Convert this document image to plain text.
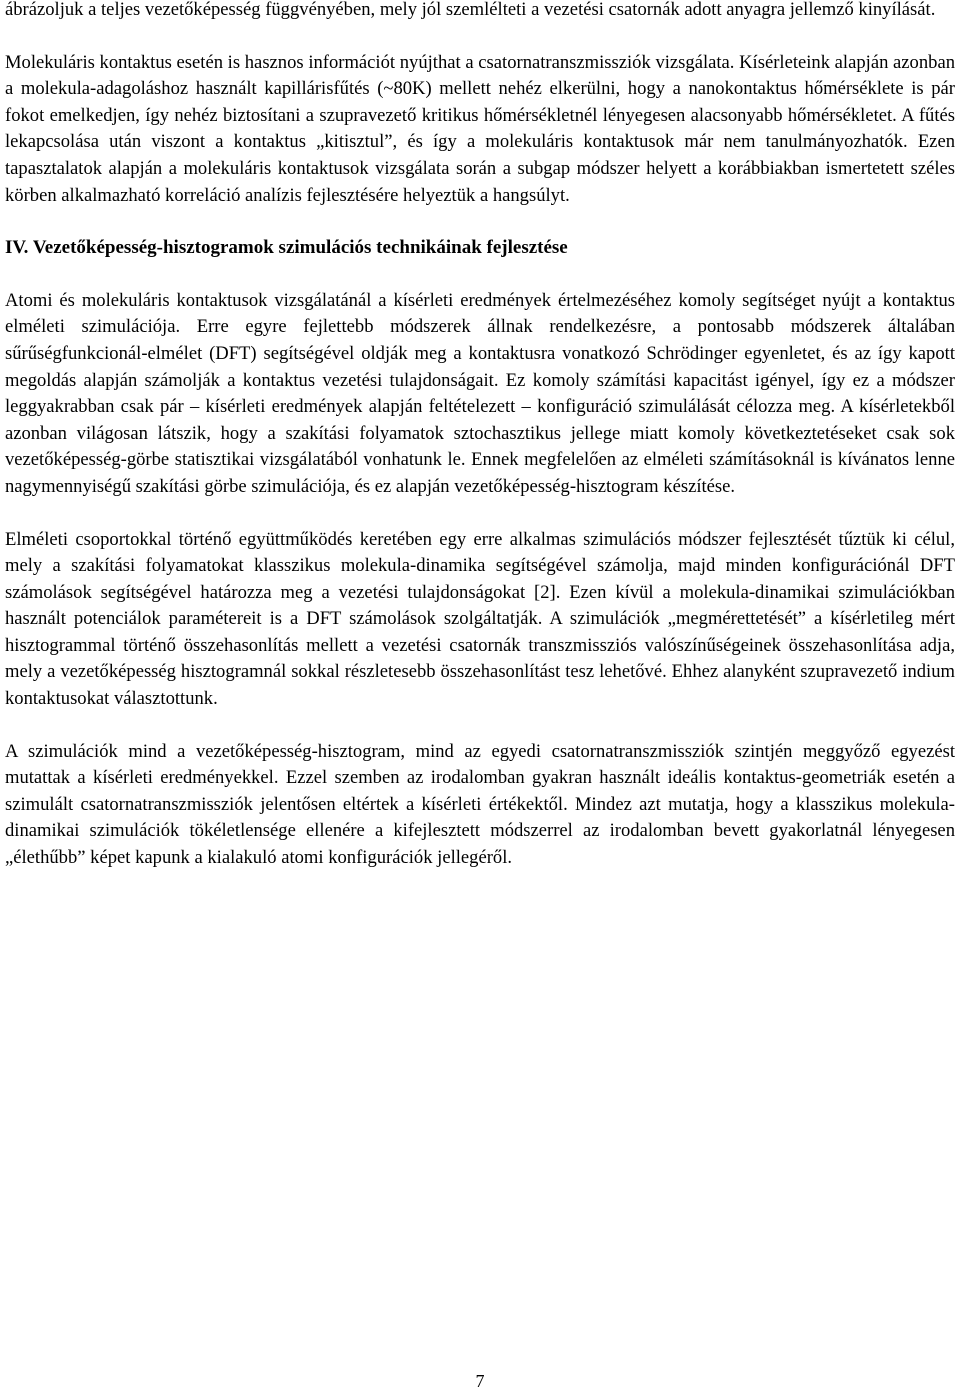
ábrázoljuk a teljes vezetőképesség függvényében, mely jól szemlélteti a vezetési csatornák adott anyagra jellemző kinyílását.

Molekuláris kontaktus esetén is hasznos információt nyújthat a csatornatranszmissziók vizsgálata. Kísérleteink alapján azonban a molekula-adagoláshoz használt kapillárisfűtés (~80K) mellett nehéz elkerülni, hogy a nanokontaktus hőmérséklete is pár fokot emelkedjen, így nehéz biztosítani a szupravezető kritikus hőmérsékletnél lényegesen alacsonyabb hőmérsékletet. A fűtés lekapcsolása után viszont a kontaktus „kitisztul”, és így a molekuláris kontaktusok már nem tanulmányozhatók. Ezen tapasztalatok alapján a molekuláris kontaktusok vizsgálata során a subgap módszer helyett a korábbiakban ismertetett széles körben alkalmazható korreláció analízis fejlesztésére helyeztük a hangsúlyt.

IV. Vezetőképesség-hisztogramok szimulációs technikáinak fejlesztése

Atomi és molekuláris kontaktusok vizsgálatánál a kísérleti eredmények értelmezéséhez komoly segítséget nyújt a kontaktus elméleti szimulációja. Erre egyre fejlettebb módszerek állnak rendelkezésre, a pontosabb módszerek általában sűrűségfunkcionál-elmélet (DFT) segítségével oldják meg a kontaktusra vonatkozó Schrödinger egyenletet, és az így kapott megoldás alapján számolják a kontaktus vezetési tulajdonságait. Ez komoly számítási kapacitást igényel, így ez a módszer leggyakrabban csak pár – kísérleti eredmények alapján feltételezett – konfiguráció szimulálását célozza meg. A kísérletekből azonban világosan látszik, hogy a szakítási folyamatok sztochasztikus jellege miatt komoly következtetéseket csak sok vezetőképesség-görbe statisztikai vizsgálatából vonhatunk le. Ennek megfelelően az elméleti számításoknál is kívánatos lenne nagymennyiségű szakítási görbe szimulációja, és ez alapján vezetőképesség-hisztogram készítése.

Elméleti csoportokkal történő együttműködés keretében egy erre alkalmas szimulációs módszer fejlesztését tűztük ki célul, mely a szakítási folyamatokat klasszikus molekula-dinamika segítségével számolja, majd minden konfigurációnál DFT számolások segítségével határozza meg a vezetési tulajdonságokat [2]. Ezen kívül a molekula-dinamikai szimulációkban használt potenciálok paramétereit is a DFT számolások szolgáltatják. A szimulációk „megmérettetését” a kísérletileg mért hisztogrammal történő összehasonlítás mellett a vezetési csatornák transzmissziós valószínűségeinek összehasonlítása adja, mely a vezetőképesség hisztogramnál sokkal részletesebb összehasonlítást tesz lehetővé. Ehhez alanyként szupravezető indium kontaktusokat választottunk.

A szimulációk mind a vezetőképesség-hisztogram, mind az egyedi csatornatranszmissziók szintjén meggyőző egyezést mutattak a kísérleti eredményekkel. Ezzel szemben az irodalomban gyakran használt ideális kontaktus-geometriák esetén a szimulált csatornatranszmissziók jelentősen eltértek a kísérleti értékektől. Mindez azt mutatja, hogy a klasszikus molekula-dinamikai szimulációk tökéletlensége ellenére a kifejlesztett módszerrel az irodalomban bevett gyakorlatnál lényegesen „élethűbb” képet kapunk a kialakuló atomi konfigurációk jellegéről.

7
